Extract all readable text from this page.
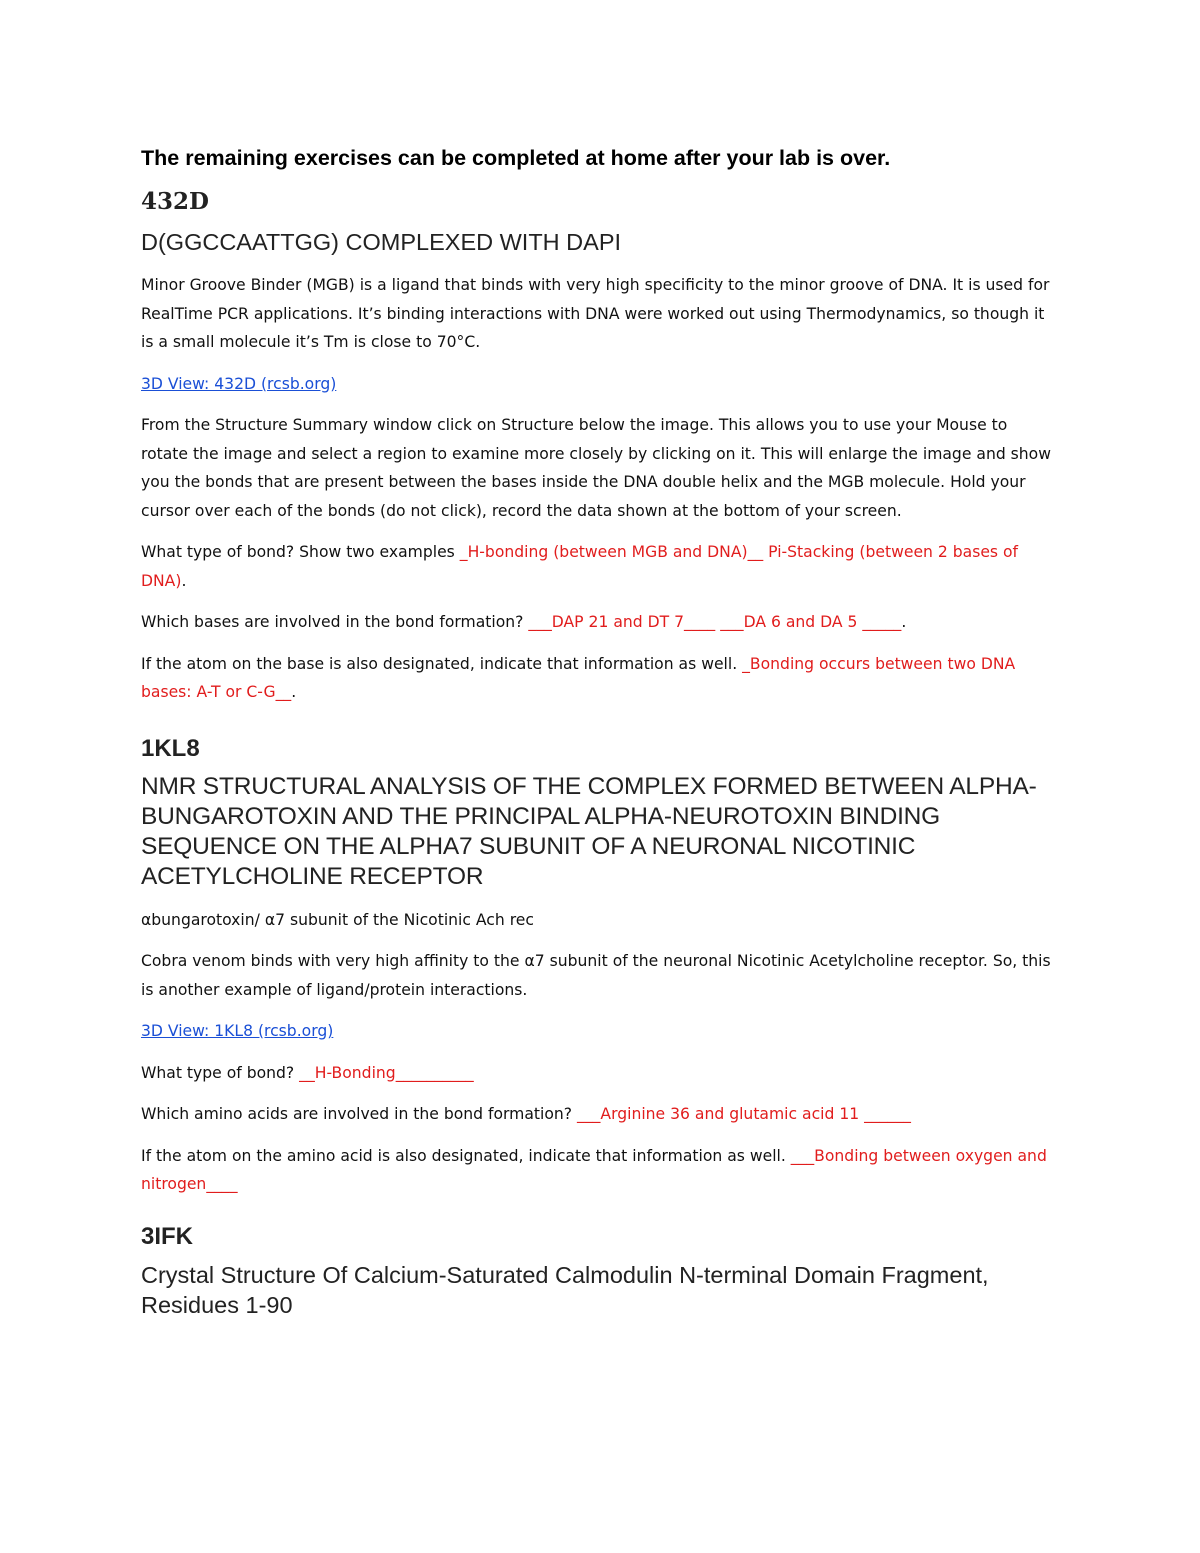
The remaining exercises can be completed at home after your lab is over.
432D
D(GGCCAATTGG) COMPLEXED WITH DAPI

Minor Groove Binder (MGB) is a ligand that binds with very high specificity to the minor groove of DNA. It is used for RealTime PCR applications. It’s binding interactions with DNA were worked out using Thermodynamics, so though it is a small molecule it’s Tm is close to 70°C.

3D View: 432D (rcsb.org)

From the Structure Summary window click on Structure below the image. This allows you to use your Mouse to rotate the image and select a region to examine more closely by clicking on it. This will enlarge the image and show you the bonds that are present between the bases inside the DNA double helix and the MGB molecule. Hold your cursor over each of the bonds (do not click), record the data shown at the bottom of your screen.

What type of bond? Show two examples _H-bonding (between MGB and DNA)__ Pi-Stacking (between 2 bases of DNA).

Which bases are involved in the bond formation? ___DAP 21 and DT 7____ ___DA 6 and DA 5 _____.

If the atom on the base is also designated, indicate that information as well. _Bonding occurs between two DNA bases: A-T or C-G__.

1KL8
NMR STRUCTURAL ANALYSIS OF THE COMPLEX FORMED BETWEEN ALPHA-BUNGAROTOXIN AND THE PRINCIPAL ALPHA-NEUROTOXIN BINDING SEQUENCE ON THE ALPHA7 SUBUNIT OF A NEURONAL NICOTINIC ACETYLCHOLINE RECEPTOR

αbungarotoxin/ α7 subunit of the Nicotinic Ach rec

Cobra venom binds with very high affinity to the α7 subunit of the neuronal Nicotinic Acetylcholine receptor. So, this is another example of ligand/protein interactions.

3D View: 1KL8 (rcsb.org)

What type of bond? __H-Bonding__________

Which amino acids are involved in the bond formation? ___Arginine 36 and glutamic acid 11 ______

If the atom on the amino acid is also designated, indicate that information as well. ___Bonding between oxygen and nitrogen____

3IFK
Crystal Structure Of Calcium-Saturated Calmodulin N-terminal Domain Fragment, Residues 1-90
